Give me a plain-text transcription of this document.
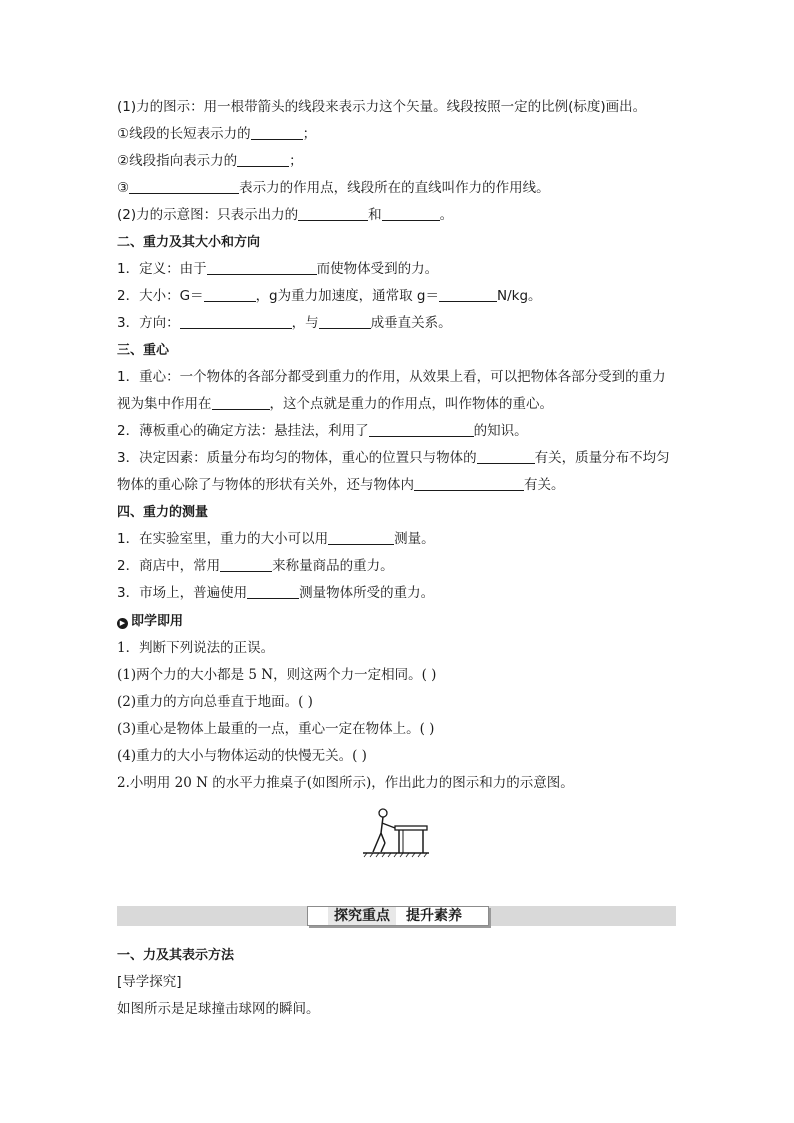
(1)力的图示：用一根带箭头的线段来表示力这个矢量。线段按照一定的比例(标度)画出。
①线段的长短表示力的	；
②线段指向表示力的	；
③	表示力的作用点，线段所在的直线叫作力的作用线。
(2)力的示意图：只表示出力的	和	。
二、重力及其大小和方向
1．定义：由于	而使物体受到的力。
2．大小：G＝	，g为重力加速度，通常取 g＝	N/kg。
3．方向：	，与	成垂直关系。
三、重心
1．重心：一个物体的各部分都受到重力的作用，从效果上看，可以把物体各部分受到的重力视为集中作用在	，这个点就是重力的作用点，叫作物体的重心。
2．薄板重心的确定方法：悬挂法，利用了	的知识。
3．决定因素：质量分布均匀的物体，重心的位置只与物体的	有关，质量分布不均匀物体的重心除了与物体的形状有关外，还与物体内	有关。
四、重力的测量
1．在实验室里，重力的大小可以用	测量。
2．商店中，常用	来称量商品的重力。
3．市场上，普遍使用	测量物体所受的重力。
▶ 即学即用
1．判断下列说法的正误。
(1)两个力的大小都是 5 N，则这两个力一定相同。( )
(2)重力的方向总垂直于地面。( )
(3)重心是物体上最重的一点，重心一定在物体上。( )
(4)重力的大小与物体运动的快慢无关。( )
2.小明用 20 N 的水平力推桌子(如图所示)，作出此力的图示和力的示意图。
探究重点	提升素养
一、力及其表示方法
[导学探究]
如图所示是足球撞击球网的瞬间。
